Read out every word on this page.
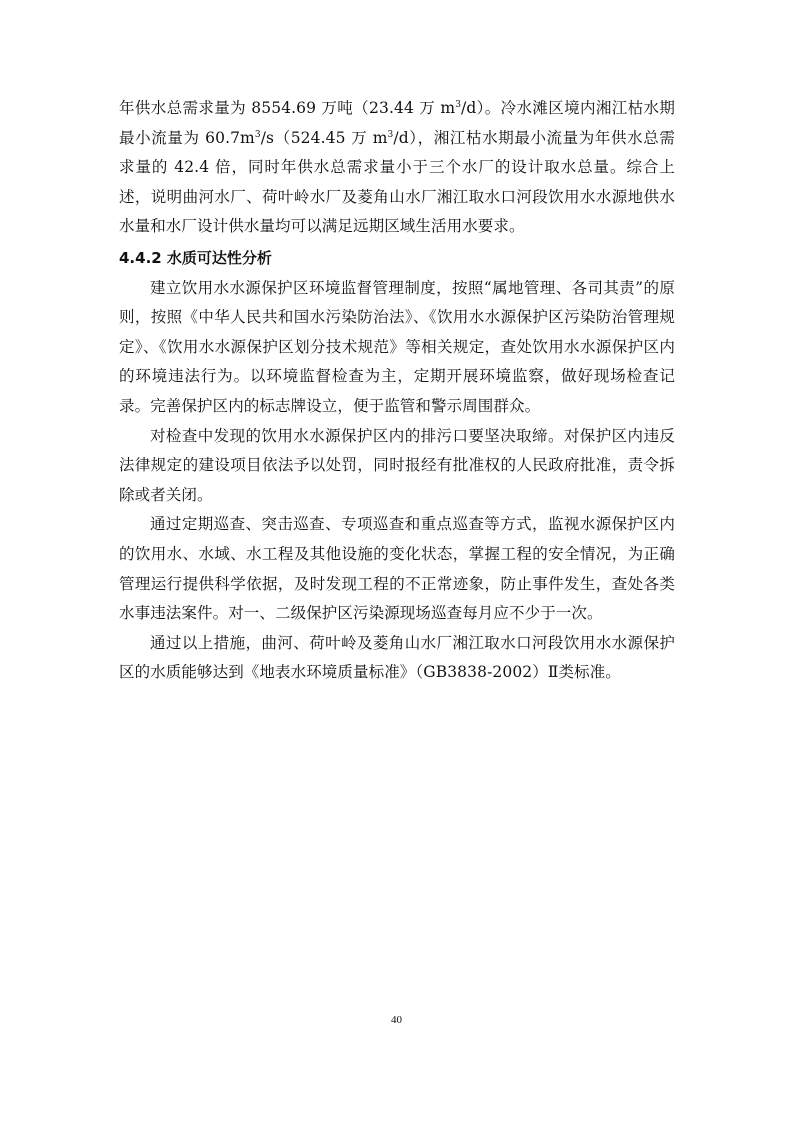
年供水总需求量为 8554.69 万吨（23.44 万 $m^3/d$）。冷水滩区境内湘江枯水期最小流量为 $60.7m^3/s(524.45$ 万 $m^3/d$），湘江枯水期最小流量为年供水总需求量的 42.4 倍，同时年供水总需求量小于三个水厂的设计取水总量。综合上述，说明曲河水厂、荷叶岭水厂及菱角山水厂湘江取水口河段饮用水水源地供水水量和水厂设计供水量均可以满足远期区域生活用水要求。

4.4.2 水质可达性分析

建立饮用水水源保护区环境监督管理制度，按照“属地管理、各司其责”的原则，按照《中华人民共和国水污染防治法》、《饮用水水源保护区污染防治管理规定》、《饮用水水源保护区划分技术规范》等相关规定，查处饮用水水源保护区内的环境违法行为。以环境监督检查为主，定期开展环境监察，做好现场检查记录。完善保护区内的标志牌设立，便于监管和警示周围群众。

对检查中发现的饮用水水源保护区内的排污口要坚决取缔。对保护区内违反法律规定的建设项目依法予以处罚，同时报经有批准权的人民政府批准，责令拆除或者关闭。

通过定期巡查、突击巡查、专项巡查和重点巡查等方式，监视水源保护区内的饮用水、水域、水工程及其他设施的变化状态，掌握工程的安全情况，为正确管理运行提供科学依据，及时发现工程的不正常迹象，防止事件发生，查处各类水事违法案件。对一、二级保护区污染源现场巡查每月应不少于一次。

通过以上措施，曲河、荷叶岭及菱角山水厂湘江取水口河段饮用水水源保护区的水质能够达到《地表水环境质量标准》（GB3838-2002）Ⅱ类标准。

40
